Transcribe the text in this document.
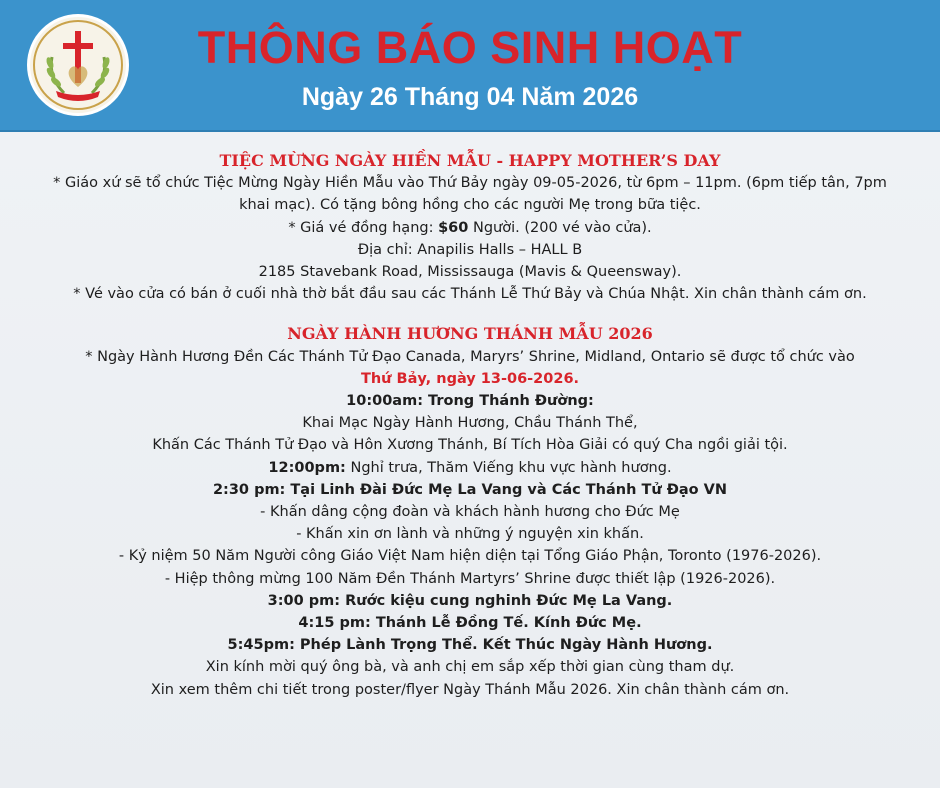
THÔNG BÁO SINH HOẠT
Ngày 26 Tháng 04 Năm 2026

TIỆC MỪNG NGÀY HIỀN MẪU - HAPPY MOTHER’S DAY

* Giáo xứ sẽ tổ chức Tiệc Mừng Ngày Hiền Mẫu vào Thứ Bảy ngày 09-05-2026, từ 6pm – 11pm. (6pm tiếp tân, 7pm

khai mạc). Có tặng bông hồng cho các người Mẹ trong bữa tiệc.

* Giá vé đồng hạng: $60 Người. (200 vé vào cửa).

Địa chỉ: Anapilis Halls – HALL B

2185 Stavebank Road, Mississauga (Mavis & Queensway).

* Vé vào cửa có bán ở cuối nhà thờ bắt đầu sau các Thánh Lễ Thứ Bảy và Chúa Nhật. Xin chân thành cám ơn.

NGÀY HÀNH HƯƠNG THÁNH MẪU 2026

* Ngày Hành Hương Đền Các Thánh Tử Đạo Canada, Maryrs’ Shrine, Midland, Ontario sẽ được tổ chức vào

Thứ Bảy, ngày 13-06-2026.

10:00am: Trong Thánh Đường:

Khai Mạc Ngày Hành Hương, Chầu Thánh Thể,

Khấn Các Thánh Tử Đạo và Hôn Xương Thánh, Bí Tích Hòa Giải có quý Cha ngồi giải tội.

12:00pm: Nghỉ trưa, Thăm Viếng khu vực hành hương.

2:30 pm: Tại Linh Đài Đức Mẹ La Vang và Các Thánh Tử Đạo VN

- Khấn dâng cộng đoàn và khách hành hương cho Đức Mẹ

- Khấn xin ơn lành và những ý nguyện xin khấn.

- Kỷ niệm 50 Năm Người công Giáo Việt Nam hiện diện tại Tổng Giáo Phận, Toronto (1976-2026).

- Hiệp thông mừng 100 Năm Đền Thánh Martyrs’ Shrine được thiết lập (1926-2026).

3:00 pm: Rước kiệu cung nghinh Đức Mẹ La Vang.

4:15 pm: Thánh Lễ Đồng Tế. Kính Đức Mẹ.

5:45pm: Phép Lành Trọng Thể. Kết Thúc Ngày Hành Hương.

Xin kính mời quý ông bà, và anh chị em sắp xếp thời gian cùng tham dự.

Xin xem thêm chi tiết trong poster/flyer Ngày Thánh Mẫu 2026. Xin chân thành cám ơn.
